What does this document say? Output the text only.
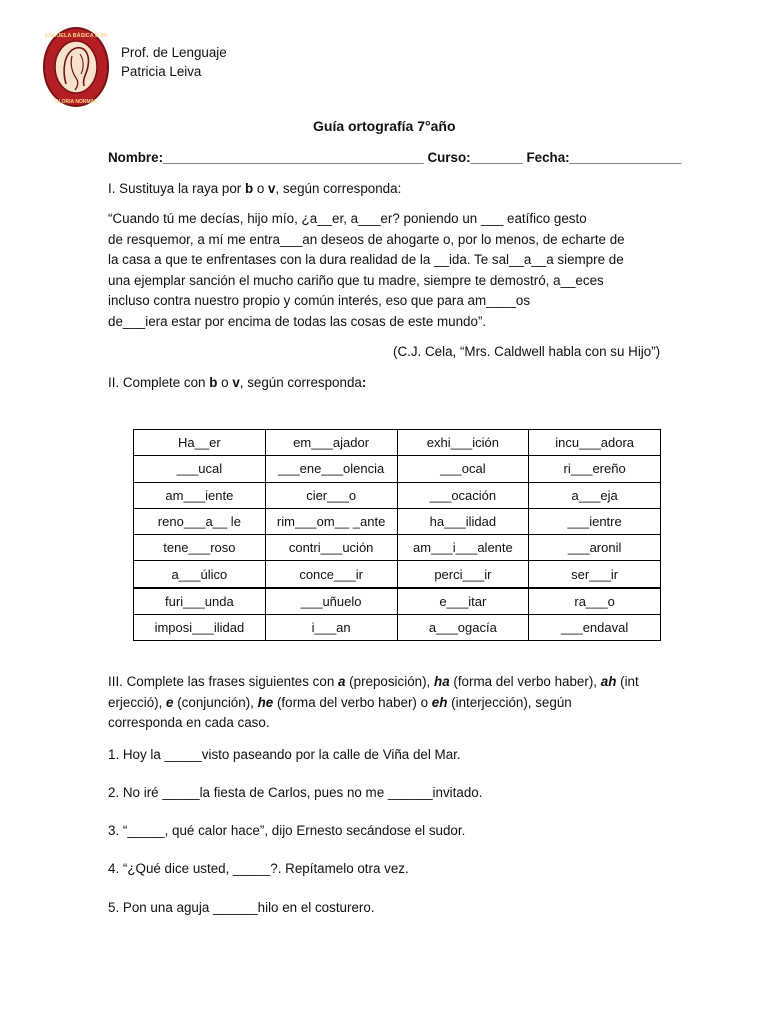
ESCUELA BÁSICA D-89
GLORIA NORMAL
Prof. de Lenguaje
Patricia Leiva
Guía ortografía 7°año
Nombre:___________________________________ Curso:_______ Fecha:_______________
I. Sustituya la raya por b o v, según corresponda:
“Cuando tú me decías, hijo mío, ¿a__er, a___er? poniendo un ___ eatífico gesto
de resquemor, a mí me entra___an deseos de ahogarte o, por lo menos, de echarte de
la casa a que te enfrentases con la dura realidad de la __ida. Te sal__a__a siempre de
una ejemplar sanción el mucho cariño que tu madre, siempre te demostró, a__eces
incluso contra nuestro propio y común interés, eso que para am____os
de___iera estar por encima de todas las cosas de este mundo”.
(C.J. Cela, “Mrs. Caldwell habla con su Hijo”)
II. Complete con b o v, según corresponda:
Ha__er	em___ajador	exhi___ición	incu___adora
___ucal	___ene___olencia	___ocal	ri___ereño
am___iente	cier___o	___ocación	a___eja
reno___a__ le	rim___om__ _ante	ha___ilidad	___ientre
tene___roso	contri___ución	am___i___alente	___aronil
a___úlico	conce___ir	perci___ir	ser___ir
furi___unda	___uñuelo	e___itar	ra___o
imposi___ilidad	i___an	a___ogacía	___endaval
III. Complete las frases siguientes con a (preposición), ha (forma del verbo haber), ah (int
erjecció), e (conjunción), he (forma del verbo haber) o eh (interjección), según
corresponda en cada caso.
1. Hoy la _____visto paseando por la calle de Viña del Mar.
2. No iré _____la fiesta de Carlos, pues no me ______invitado.
3. “_____, qué calor hace”, dijo Ernesto secándose el sudor.
4. “¿Qué dice usted, _____?. Repítamelo otra vez.
5. Pon una aguja ______hilo en el costurero.
